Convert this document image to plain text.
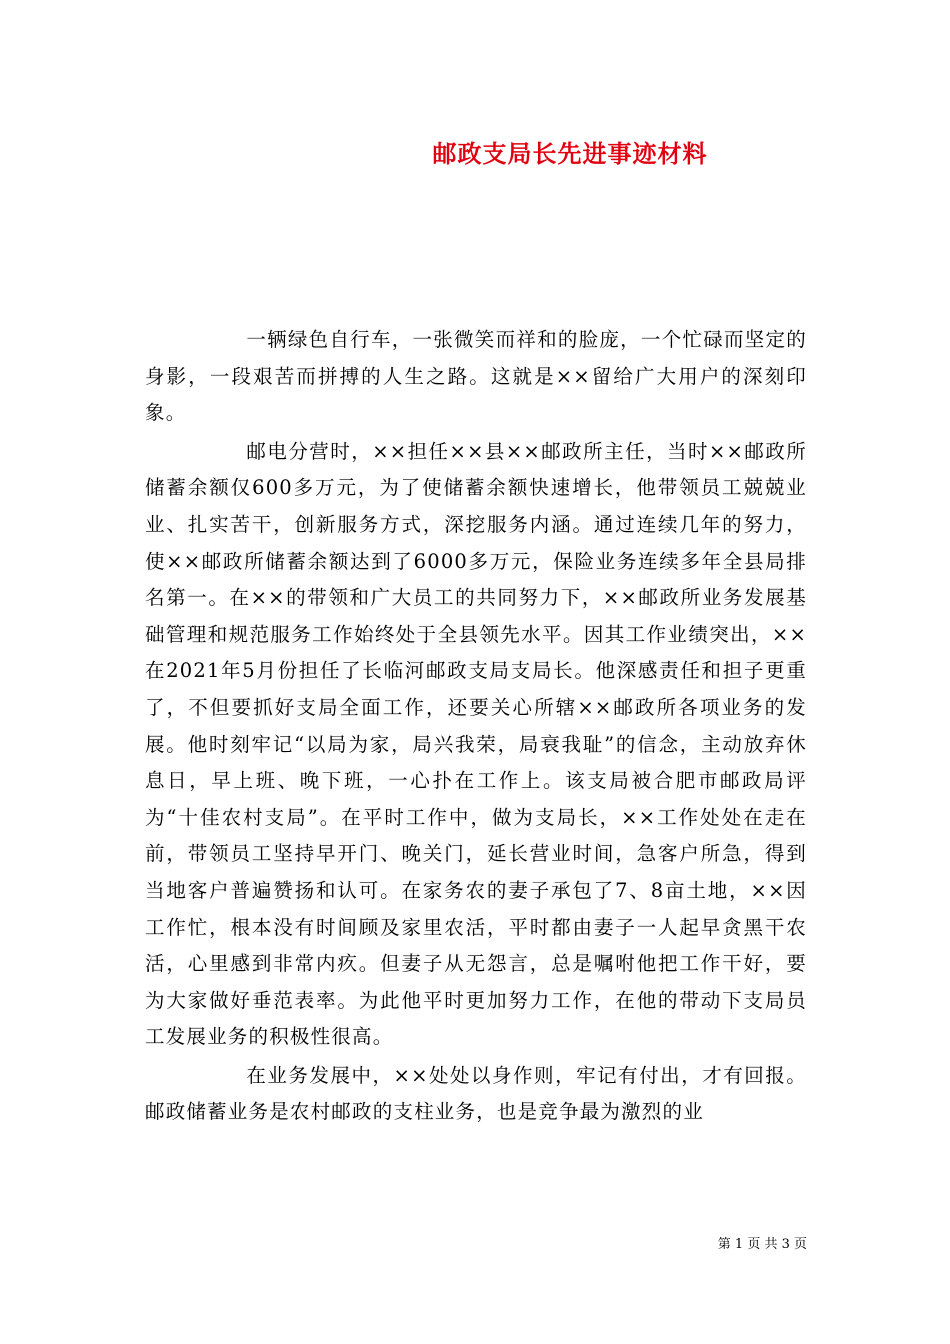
邮政支局长先进事迹材料

一辆绿色自行车，一张微笑而祥和的脸庞，一个忙碌而坚定的身影，一段艰苦而拼搏的人生之路。这就是××留给广大用户的深刻印象。

邮电分营时，××担任××县××邮政所主任，当时××邮政所储蓄余额仅600多万元，为了使储蓄余额快速增长，他带领员工兢兢业业、扎实苦干，创新服务方式，深挖服务内涵。通过连续几年的努力，使××邮政所储蓄余额达到了6000多万元，保险业务连续多年全县局排名第一。在××的带领和广大员工的共同努力下，××邮政所业务发展基础管理和规范服务工作始终处于全县领先水平。因其工作业绩突出，××在2021年5月份担任了长临河邮政支局支局长。他深感责任和担子更重了，不但要抓好支局全面工作，还要关心所辖××邮政所各项业务的发展。他时刻牢记“以局为家，局兴我荣，局衰我耻”的信念，主动放弃休息日，早上班、晚下班，一心扑在工作上。该支局被合肥市邮政局评为“十佳农村支局”。在平时工作中，做为支局长，××工作处处在走在前，带领员工坚持早开门、晚关门，延长营业时间，急客户所急，得到当地客户普遍赞扬和认可。在家务农的妻子承包了7、8亩土地，××因工作忙，根本没有时间顾及家里农活，平时都由妻子一人起早贪黑干农活，心里感到非常内疚。但妻子从无怨言，总是嘱咐他把工作干好，要为大家做好垂范表率。为此他平时更加努力工作，在他的带动下支局员工发展业务的积极性很高。

在业务发展中，××处处以身作则，牢记有付出，才有回报。邮政储蓄业务是农村邮政的支柱业务，也是竞争最为激烈的业

第 1 页 共 3 页
